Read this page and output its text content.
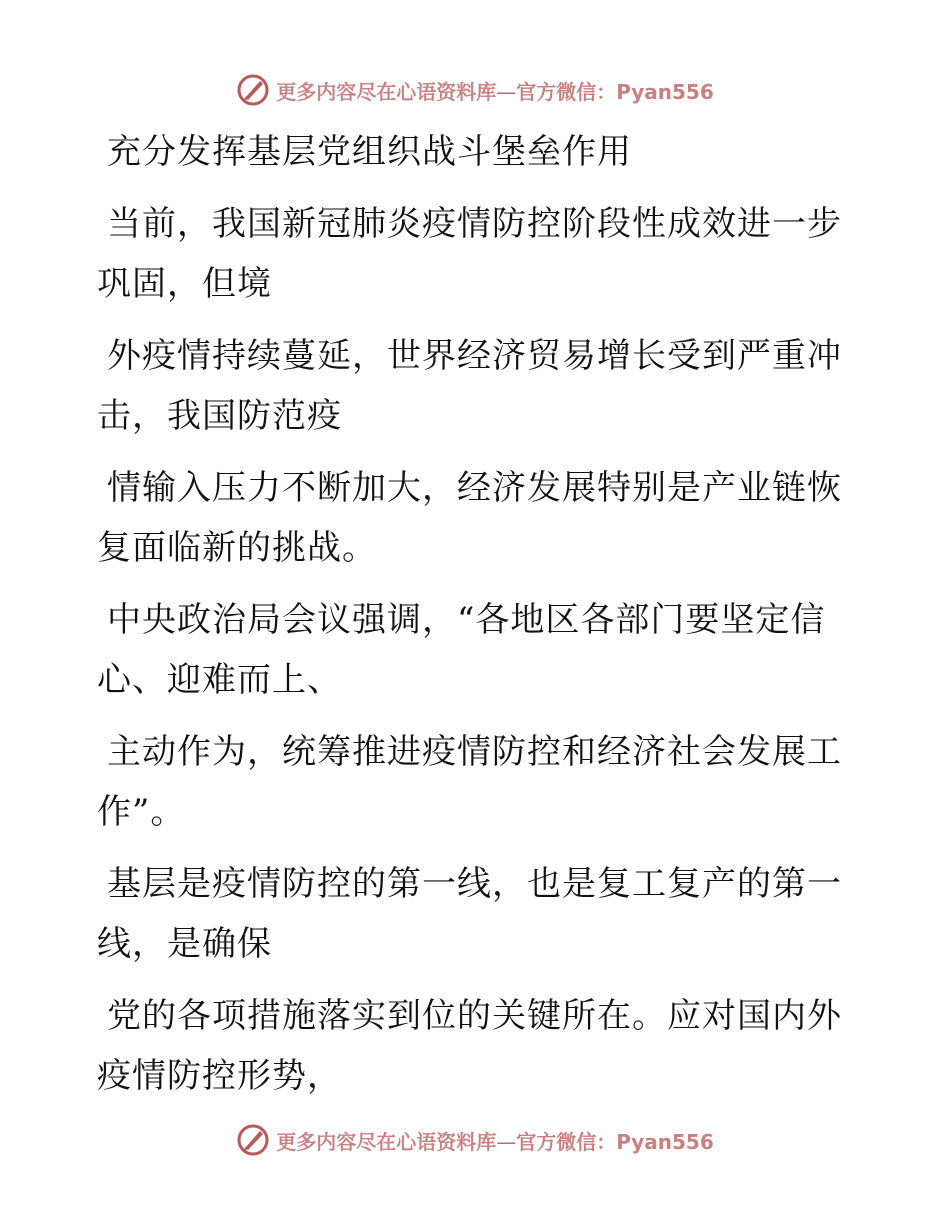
更多内容尽在心语资料库—官方微信：Pyan556

充分发挥基层党组织战斗堡垒作用

当前，我国新冠肺炎疫情防控阶段性成效进一步
巩固，但境

外疫情持续蔓延，世界经济贸易增长受到严重冲
击，我国防范疫

情输入压力不断加大，经济发展特别是产业链恢
复面临新的挑战。

中央政治局会议强调，“各地区各部门要坚定信
心、迎难而上、

主动作为，统筹推进疫情防控和经济社会发展工
作”。

基层是疫情防控的第一线，也是复工复产的第一
线，是确保

党的各项措施落实到位的关键所在。应对国内外
疫情防控形势，

更多内容尽在心语资料库—官方微信：Pyan556
